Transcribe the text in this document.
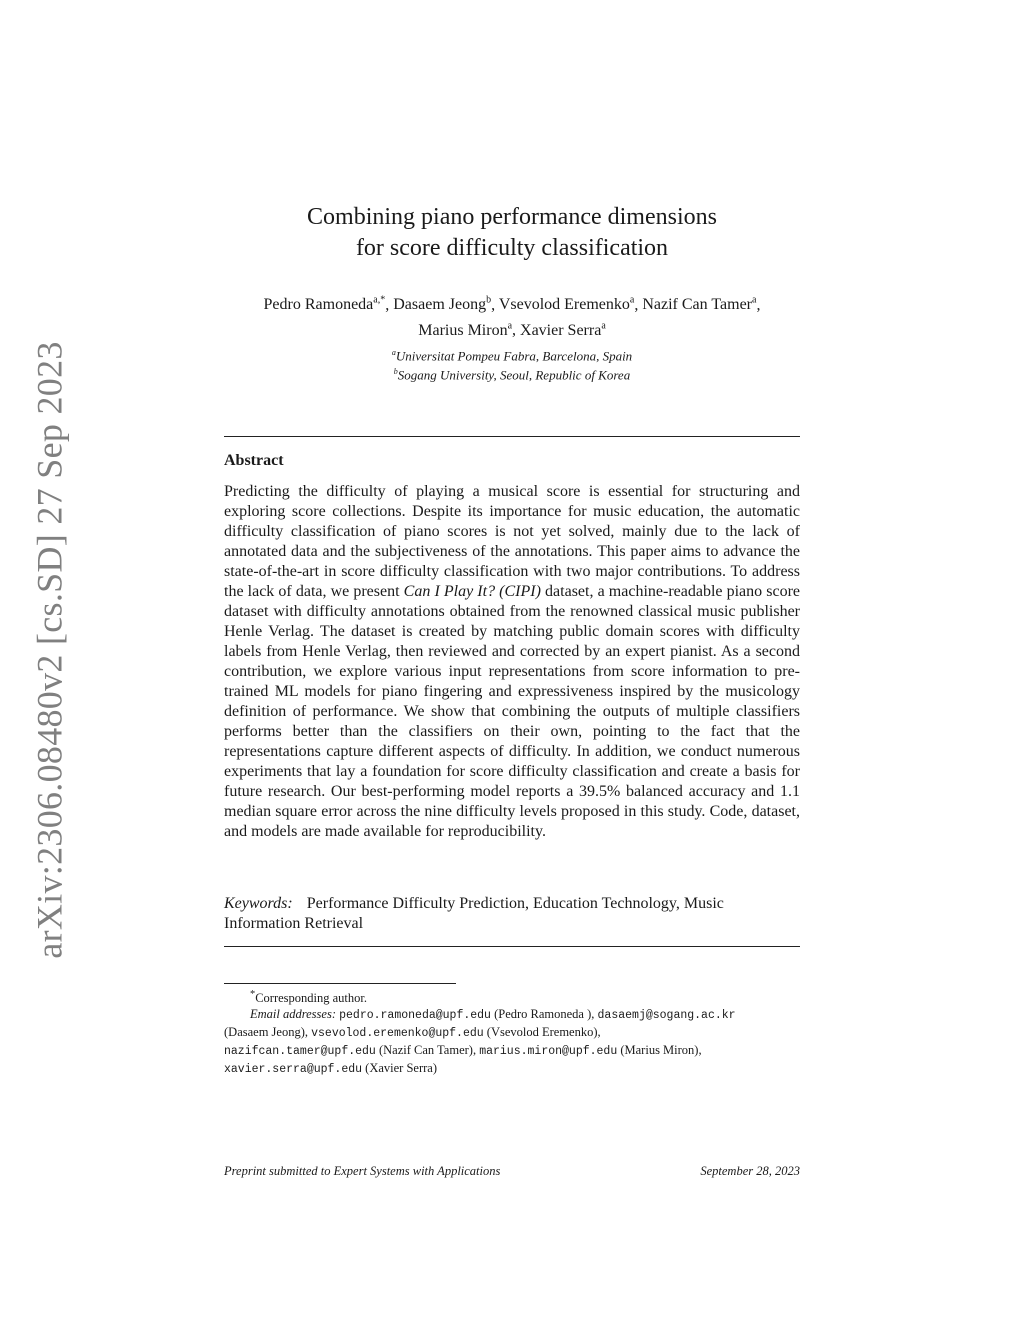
arXiv:2306.08480v2 [cs.SD] 27 Sep 2023
Combining piano performance dimensions
for score difficulty classification
Pedro Ramoneda$^{a,*}$, Dasaem Jeong$^b$, Vsevolod Eremenko$^a$, Nazif Can Tamer$^a$,
Marius Miron$^a$, Xavier Serra$^a$
$^a$Universitat Pompeu Fabra, Barcelona, Spain
$^b$Sogang University, Seoul, Republic of Korea
Abstract
Predicting the difficulty of playing a musical score is essential for structuring and exploring score collections. Despite its importance for music education, the automatic difficulty classification of piano scores is not yet solved, mainly due to the lack of annotated data and the subjectiveness of the annotations. This paper aims to advance the state-of-the-art in score difficulty classification with two major contributions. To address the lack of data, we present Can I Play It? (CIPI) dataset, a machine-readable piano score dataset with difficulty annotations obtained from the renowned classical music publisher Henle Verlag. The dataset is created by matching public domain scores with difficulty labels from Henle Verlag, then reviewed and corrected by an expert pianist. As a second contribution, we explore various input representations from score information to pre-trained ML models for piano fingering and expressiveness inspired by the musicology definition of performance. We show that combining the outputs of multiple classifiers performs better than the classifiers on their own, pointing to the fact that the representations capture different aspects of difficulty. In addition, we conduct numerous experiments that lay a foundation for score difficulty classification and create a basis for future research. Our best-performing model reports a 39.5% balanced accuracy and 1.1 median square error across the nine difficulty levels proposed in this study. Code, dataset, and models are made available for reproducibility.
Keywords: Performance Difficulty Prediction, Education Technology, Music Information Retrieval
*Corresponding author.
Email addresses: pedro.ramoneda@upf.edu (Pedro Ramoneda ), dasaemj@sogang.ac.kr
(Dasaem Jeong), vsevolod.eremenko@upf.edu (Vsevolod Eremenko),
nazifcan.tamer@upf.edu (Nazif Can Tamer), marius.miron@upf.edu (Marius Miron),
xavier.serra@upf.edu (Xavier Serra)
Preprint submitted to Expert Systems with Applications	September 28, 2023
